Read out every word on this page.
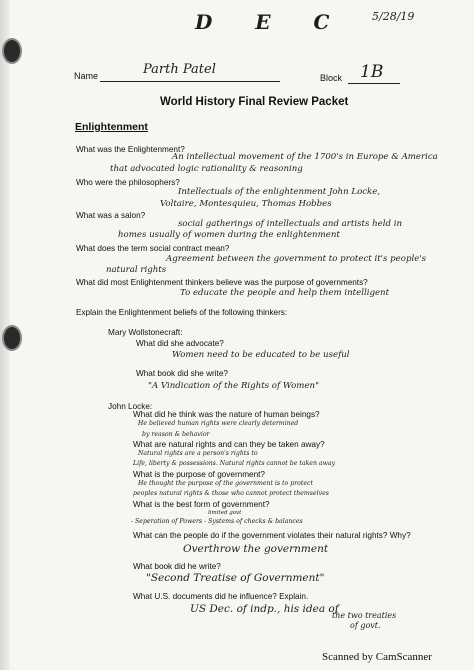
D E C 5/28/19
Name	Parth Patel
Block 1B
World History Final Review Packet
Enlightenment
What was the Enlightenment?
An intellectual movement of the 1700's in Europe & America
that advocated logic rationality & reasoning
Who were the philosophers?
Intellectuals of the enlightenment John Locke,
Voltaire, Montesquieu, Thomas Hobbes
What was a salon?
social gatherings of intellectuals and artists held in
homes usually of women during the enlightenment
What does the term social contract mean?
Agreement between the government to protect it's people's
natural rights
What did most Enlightenment thinkers believe was the purpose of governments?
To educate the people and help them intelligent
Explain the Enlightenment beliefs of the following thinkers:
Mary Wollstonecraft:
What did she advocate?
Women need to be educated to be useful
What book did she write?
"A Vindication of the Rights of Women"
John Locke:
What did he think was the nature of human beings?
He believed human rights were clearly determined
by reason & behavior
What are natural rights and can they be taken away?
Natural rights are a person's rights to
Life, liberty & possessions. Natural rights cannot be taken away
What is the purpose of government?
He thought the purpose of the government is to protect
peoples natural rights & those who cannot protect themselves
What is the best form of government?
limited govt
- Seperation of Powers - Systems of checks & balances
What can the people do if the government violates their natural rights? Why?
Overthrow the government
What book did he write?
"Second Treatise of Government"
What U.S. documents did he influence? Explain.
US Dec. of indp., his idea of
the two treaties
of govt.
Scanned by CamScanner
